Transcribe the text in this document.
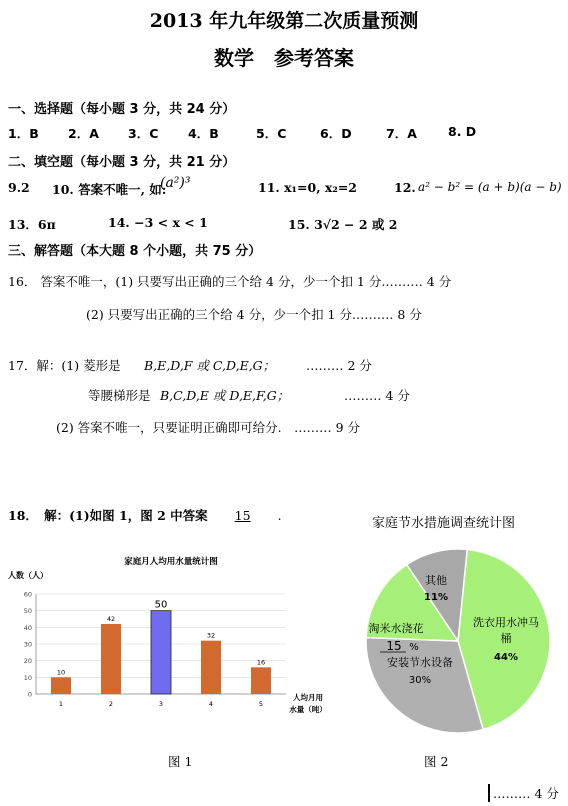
2013 年九年级第二次质量预测
数学　参考答案
一、选择题（每小题 3 分，共 24 分）
1．B 2．A 3．C 4．B	5．C	6．D	7．A 8. D
二、填空题（每小题 3 分，共 21 分）
9.2 10. 答案不唯一, 如:
(a²)³	11. x₁=0, x₂=2	12. a² − b² = (a + b)(a − b)
13．6π	14. −3 < x < 1	15. 3√2 − 2 或 2
三、解答题（本大题 8 个小题，共 75 分）
16． 答案不唯一，(1) 只要写出正确的三个给 4 分，少一个扣 1 分.……… 4 分
(2) 只要写出正确的三个给 4 分，少一个扣 1 分.……… 8 分
17．解：(1) 菱形是 B,E,D,F 或 C,D,E,G； ……… 2 分
等腰梯形是 B,C,D,E 或 D,E,F,G；	……… 4 分
(2) 答案不唯一，只要证明正确即可给分.　……… 9 分
18．　解：(1)如图 1，图 2 中答案 15 .
家庭月人均用水量统计图
人数（人）
0
10
20
30
40
50
60
10
1
42
2
50
3
32
4
16
5
人均月用
水量（吨）
图 1
家庭节水措施调查统计图
洗衣用水冲马
桶
44%
安装节水设备
30%
淘米水浇花
15 %
其他
11%
图 2
……… 4 分
